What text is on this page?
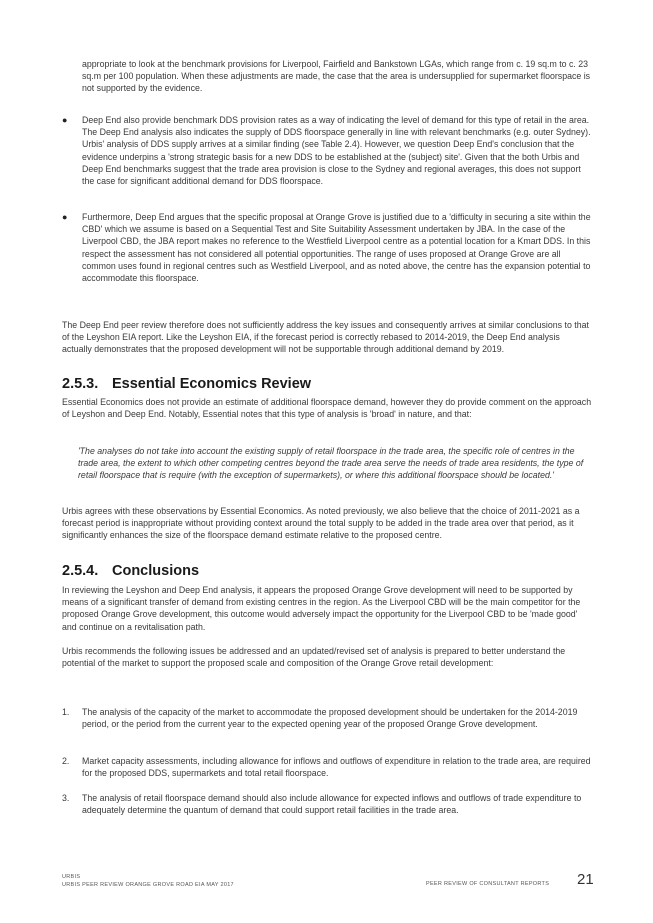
appropriate to look at the benchmark provisions for Liverpool, Fairfield and Bankstown LGAs, which range from c. 19 sq.m to c. 23 sq.m per 100 population. When these adjustments are made, the case that the area is undersupplied for supermarket floorspace is not supported by the evidence.

● Deep End also provide benchmark DDS provision rates as a way of indicating the level of demand for this type of retail in the area. The Deep End analysis also indicates the supply of DDS floorspace generally in line with relevant benchmarks (e.g. outer Sydney). Urbis' analysis of DDS supply arrives at a similar finding (see Table 2.4). However, we question Deep End's conclusion that the evidence underpins a 'strong strategic basis for a new DDS to be established at the (subject) site'. Given that the both Urbis and Deep End benchmarks suggest that the trade area provision is close to the Sydney and regional averages, this does not support the case for significant additional demand for DDS floorspace.

● Furthermore, Deep End argues that the specific proposal at Orange Grove is justified due to a 'difficulty in securing a site within the CBD' which we assume is based on a Sequential Test and Site Suitability Assessment undertaken by JBA. In the case of the Liverpool CBD, the JBA report makes no reference to the Westfield Liverpool centre as a potential location for a Kmart DDS. In this respect the assessment has not considered all potential opportunities. The range of uses proposed at Orange Grove are all common uses found in regional centres such as Westfield Liverpool, and as noted above, the centre has the expansion potential to accommodate this floorspace.

The Deep End peer review therefore does not sufficiently address the key issues and consequently arrives at similar conclusions to that of the Leyshon EIA report. Like the Leyshon EIA, if the forecast period is correctly rebased to 2014-2019, the Deep End analysis actually demonstrates that the proposed development will not be supportable through additional demand by 2019.

2.5.3. Essential Economics Review

Essential Economics does not provide an estimate of additional floorspace demand, however they do provide comment on the approach of Leyshon and Deep End. Notably, Essential notes that this type of analysis is 'broad' in nature, and that:

'The analyses do not take into account the existing supply of retail floorspace in the trade area, the specific role of centres in the trade area, the extent to which other competing centres beyond the trade area serve the needs of trade area residents, the type of retail floorspace that is require (with the exception of supermarkets), or where this additional floorspace should be located.'

Urbis agrees with these observations by Essential Economics. As noted previously, we also believe that the choice of 2011-2021 as a forecast period is inappropriate without providing context around the total supply to be added in the trade area over that period, as it significantly enhances the size of the floorspace demand estimate relative to the proposed centre.

2.5.4. Conclusions

In reviewing the Leyshon and Deep End analysis, it appears the proposed Orange Grove development will need to be supported by means of a significant transfer of demand from existing centres in the region. As the Liverpool CBD will be the main competitor for the proposed Orange Grove development, this outcome would adversely impact the opportunity for the Liverpool CBD to be 'made good' and continue on a revitalisation path.

Urbis recommends the following issues be addressed and an updated/revised set of analysis is prepared to better understand the potential of the market to support the proposed scale and composition of the Orange Grove retail development:

1. The analysis of the capacity of the market to accommodate the proposed development should be undertaken for the 2014-2019 period, or the period from the current year to the expected opening year of the proposed Orange Grove development.

2. Market capacity assessments, including allowance for inflows and outflows of expenditure in relation to the trade area, are required for the proposed DDS, supermarkets and total retail floorspace.

3. The analysis of retail floorspace demand should also include allowance for expected inflows and outflows of trade expenditure to adequately determine the quantum of demand that could support retail facilities in the trade area.

URBIS
URBIS PEER REVIEW ORANGE GROVE ROAD EIA MAY 2017	PEER REVIEW OF CONSULTANT REPORTS 21
